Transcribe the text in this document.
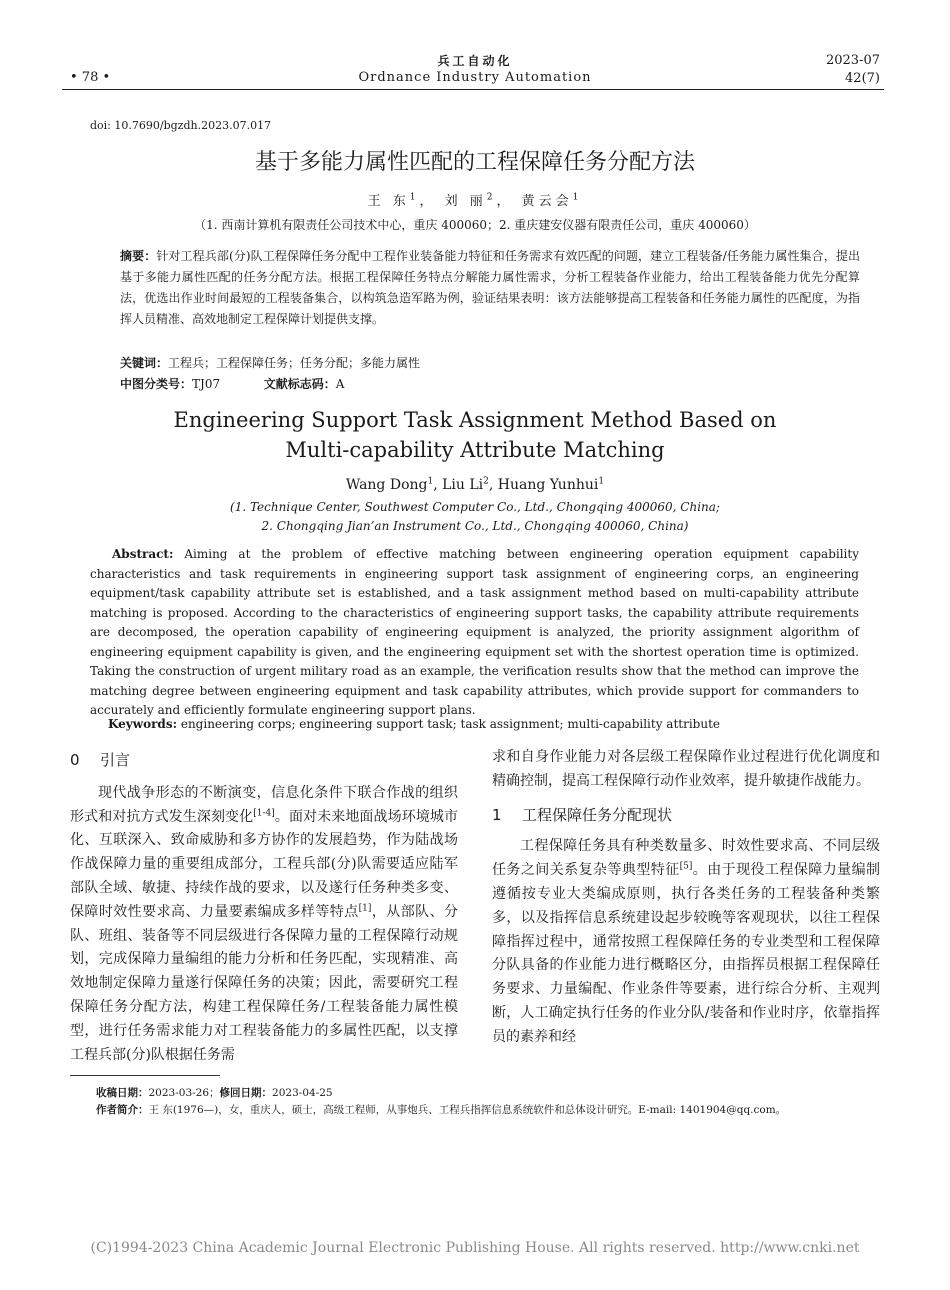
• 78 •
兵工自动化
Ordnance Industry Automation
2023-07
42(7)
doi: 10.7690/bgzdh.2023.07.017
基于多能力属性匹配的工程保障任务分配方法
王 东$^1$， 刘 丽$^2$， 黄云会$^1$
（1. 西南计算机有限责任公司技术中心，重庆 400060；2. 重庆建安仪器有限责任公司，重庆 400060）
摘要：针对工程兵部(分)队工程保障任务分配中工程作业装备能力特征和任务需求有效匹配的问题，建立工程装备/任务能力属性集合，提出基于多能力属性匹配的任务分配方法。根据工程保障任务特点分解能力属性需求，分析工程装备作业能力，给出工程装备能力优先分配算法，优选出作业时间最短的工程装备集合，以构筑急造军路为例，验证结果表明：该方法能够提高工程装备和任务能力属性的匹配度，为指挥人员精准、高效地制定工程保障计划提供支撑。
关键词：工程兵；工程保障任务；任务分配；多能力属性
中图分类号：TJ07	文献标志码：A
Engineering Support Task Assignment Method Based on
Multi-capability Attribute Matching
Wang Dong$^1$, Liu Li$^2$, Huang Yunhui$^1$
(1. Technique Center, Southwest Computer Co., Ltd., Chongqing 400060, China;
2. Chongqing Jian’an Instrument Co., Ltd., Chongqing 400060, China)
Abstract: Aiming at the problem of effective matching between engineering operation equipment capability characteristics and task requirements in engineering support task assignment of engineering corps, an engineering equipment/task capability attribute set is established, and a task assignment method based on multi-capability attribute matching is proposed. According to the characteristics of engineering support tasks, the capability attribute requirements are decomposed, the operation capability of engineering equipment is analyzed, the priority assignment algorithm of engineering equipment capability is given, and the engineering equipment set with the shortest operation time is optimized. Taking the construction of urgent military road as an example, the verification results show that the method can improve the matching degree between engineering equipment and task capability attributes, which provide support for commanders to accurately and efficiently formulate engineering support plans.
Keywords: engineering corps; engineering support task; task assignment; multi-capability attribute
0 引言

现代战争形态的不断演变，信息化条件下联合作战的组织形式和对抗方式发生深刻变化[1-4]。面对未来地面战场环境城市化、互联深入、致命威胁和多方协作的发展趋势，作为陆战场作战保障力量的重要组成部分，工程兵部(分)队需要适应陆军部队全域、敏捷、持续作战的要求，以及遂行任务种类多变、保障时效性要求高、力量要素编成多样等特点[1]，从部队、分队、班组、装备等不同层级进行各保障力量的工程保障行动规划，完成保障力量编组的能力分析和任务匹配，实现精准、高效地制定保障力量遂行保障任务的决策；因此，需要研究工程保障任务分配方法，构建工程保障任务/工程装备能力属性模型，进行任务需求能力对工程装备能力的多属性匹配，以支撑工程兵部(分)队根据任务需

求和自身作业能力对各层级工程保障作业过程进行优化调度和精确控制，提高工程保障行动作业效率，提升敏捷作战能力。

1 工程保障任务分配现状

工程保障任务具有种类数量多、时效性要求高、不同层级任务之间关系复杂等典型特征[5]。由于现役工程保障力量编制遵循按专业大类编成原则，执行各类任务的工程装备种类繁多，以及指挥信息系统建设起步较晚等客观现状，以往工程保障指挥过程中，通常按照工程保障任务的专业类型和工程保障分队具备的作业能力进行概略区分，由指挥员根据工程保障任务要求、力量编配、作业条件等要素，进行综合分析、主观判断，人工确定执行任务的作业分队/装备和作业时序，依靠指挥员的素养和经

收稿日期：2023-03-26；修回日期：2023-04-25
作者简介：王 东(1976—)，女，重庆人，硕士，高级工程师，从事炮兵、工程兵指挥信息系统软件和总体设计研究。E-mail: 1401904@qq.com。
(C)1994-2023 China Academic Journal Electronic Publishing House. All rights reserved. http://www.cnki.net
